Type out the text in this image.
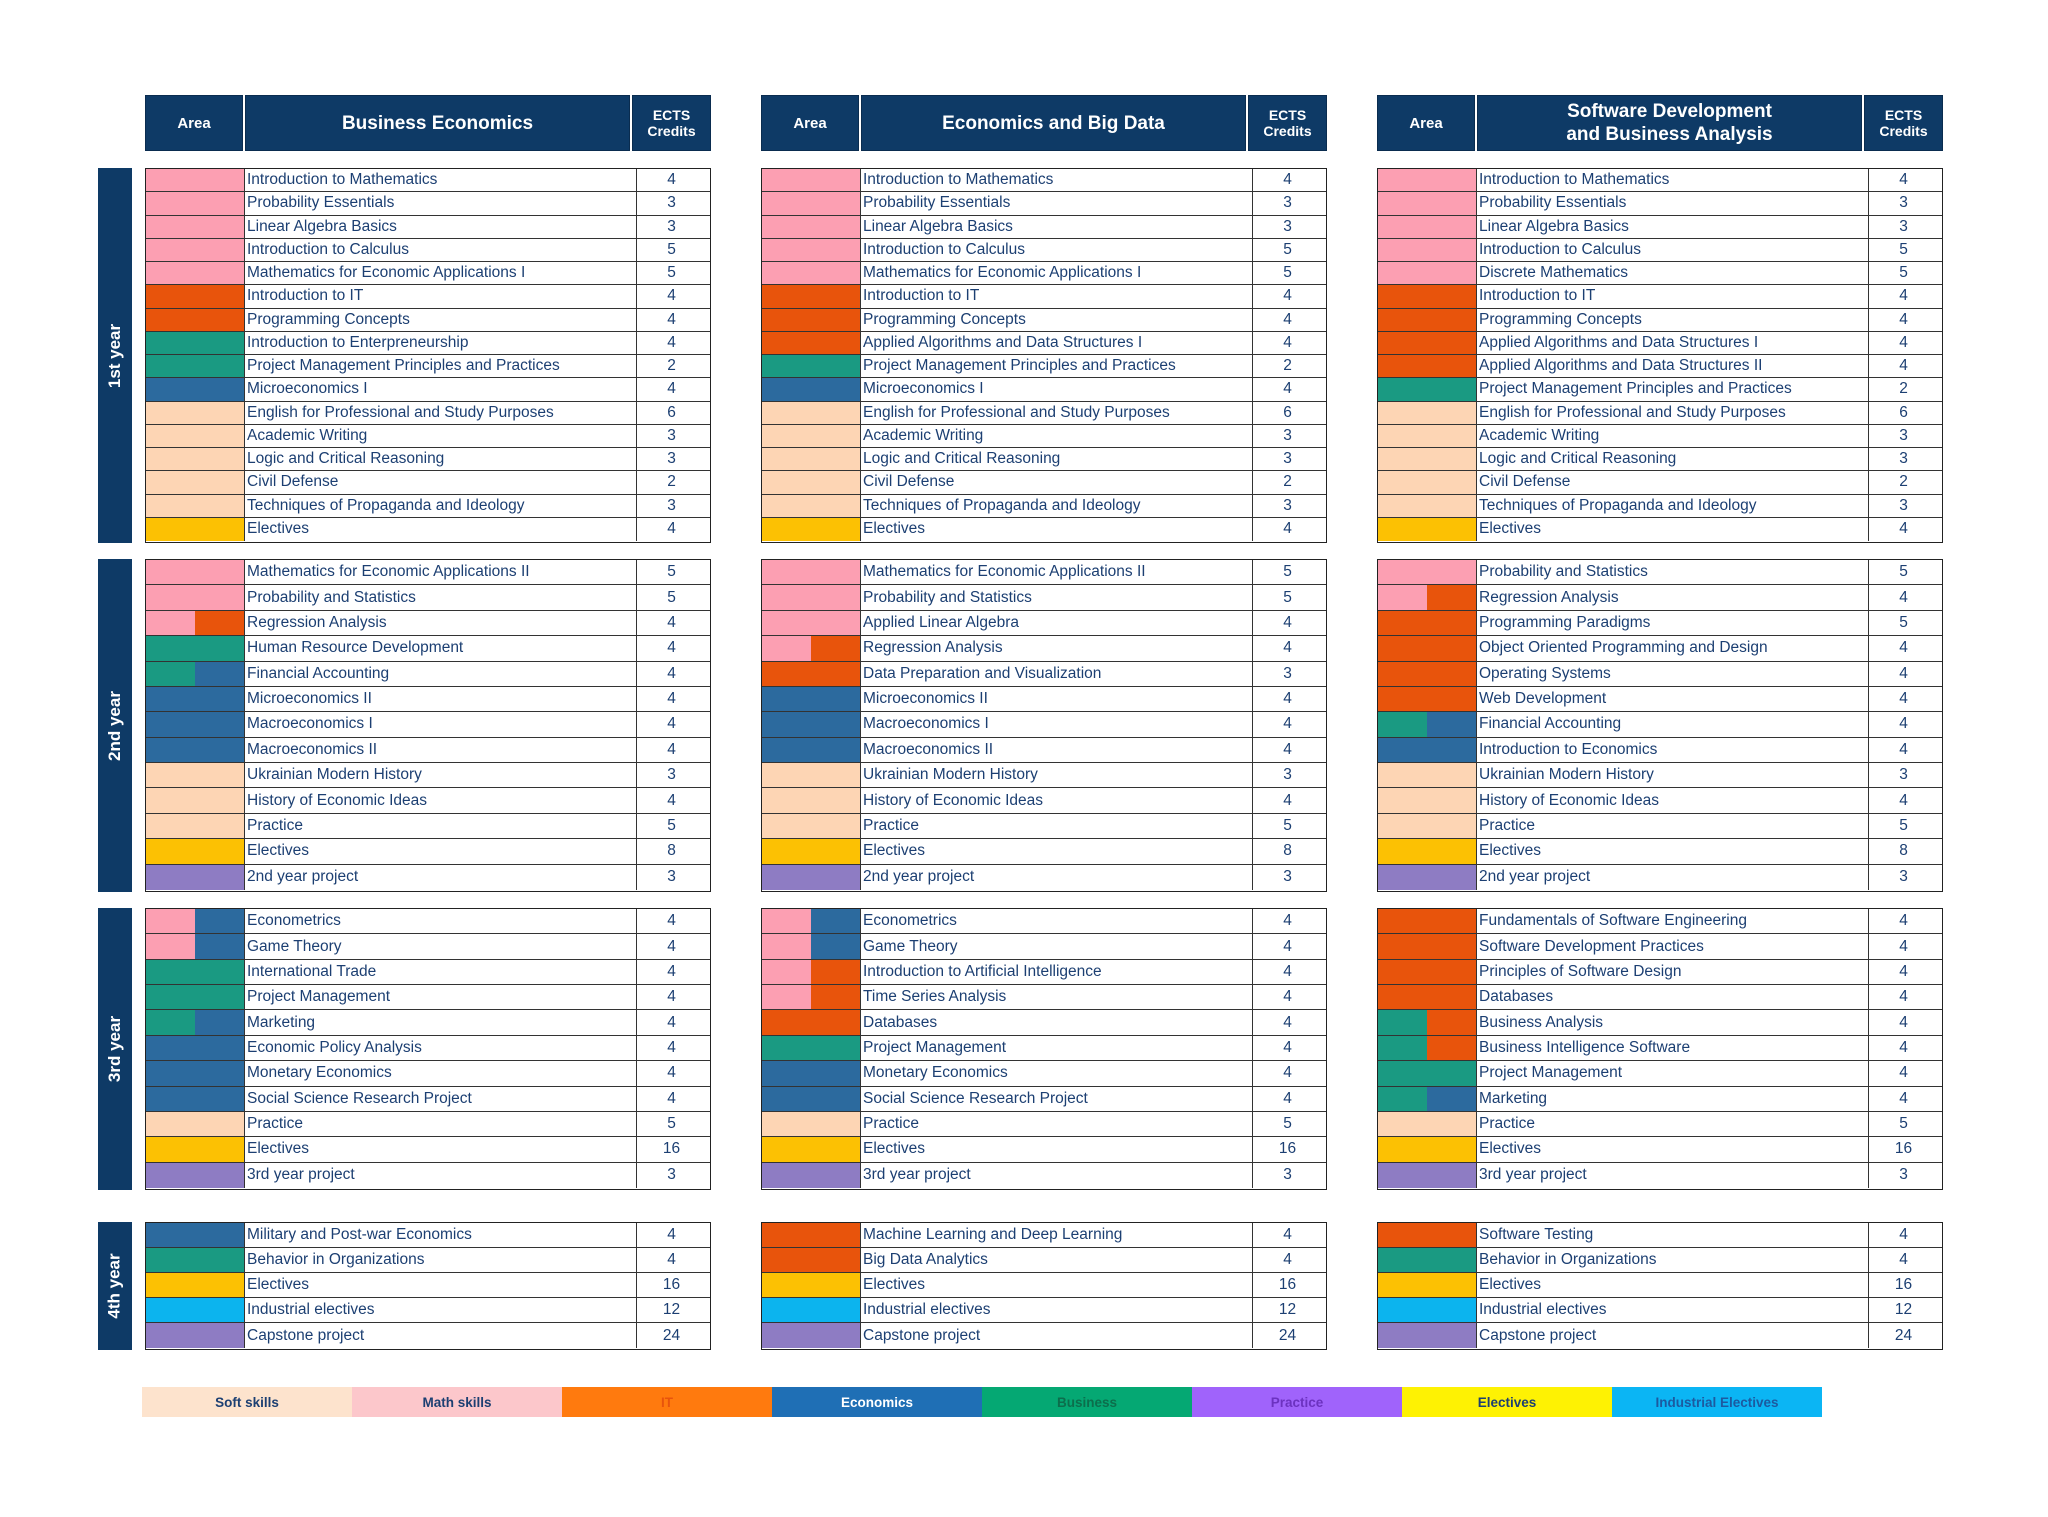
1st year
2nd year
3rd year
4th year
Area	Business Economics	ECTS
Credits
Introduction to Mathematics	4
Probability Essentials	3
Linear Algebra Basics	3
Introduction to Calculus	5
Mathematics for Economic Applications I	5
Introduction to IT	4
Programming Concepts	4
Introduction to Enterpreneurship	4
Project Management Principles and Practices	2
Microeconomics I	4
English for Professional and Study Purposes	6
Academic Writing	3
Logic and Critical Reasoning	3
Civil Defense	2
Techniques of Propaganda and Ideology	3
Electives	4
Mathematics for Economic Applications II	5
Probability and Statistics	5
Regression Analysis	4
Human Resource Development	4
Financial Accounting	4
Microeconomics II	4
Macroeconomics I	4
Macroeconomics II	4
Ukrainian Modern History	3
History of Economic Ideas	4
Practice	5
Electives	8
2nd year project	3
Econometrics	4
Game Theory	4
International Trade	4
Project Management	4
Marketing	4
Economic Policy Analysis	4
Monetary Economics	4
Social Science Research Project	4
Practice	5
Electives	16
3rd year project	3
Military and Post-war Economics	4
Behavior in Organizations	4
Electives	16
Industrial electives	12
Capstone project	24
Area	Economics and Big Data	ECTS
Credits
Introduction to Mathematics	4
Probability Essentials	3
Linear Algebra Basics	3
Introduction to Calculus	5
Mathematics for Economic Applications I	5
Introduction to IT	4
Programming Concepts	4
Applied Algorithms and Data Structures I	4
Project Management Principles and Practices	2
Microeconomics I	4
English for Professional and Study Purposes	6
Academic Writing	3
Logic and Critical Reasoning	3
Civil Defense	2
Techniques of Propaganda and Ideology	3
Electives	4
Mathematics for Economic Applications II	5
Probability and Statistics	5
Applied Linear Algebra	4
Regression Analysis	4
Data Preparation and Visualization	3
Microeconomics II	4
Macroeconomics I	4
Macroeconomics II	4
Ukrainian Modern History	3
History of Economic Ideas	4
Practice	5
Electives	8
2nd year project	3
Econometrics	4
Game Theory	4
Introduction to Artificial Intelligence	4
Time Series Analysis	4
Databases	4
Project Management	4
Monetary Economics	4
Social Science Research Project	4
Practice	5
Electives	16
3rd year project	3
Machine Learning and Deep Learning	4
Big Data Analytics	4
Electives	16
Industrial electives	12
Capstone project	24
Area
Software Development
and Business Analysis
ECTS
Credits
Introduction to Mathematics	4
Probability Essentials	3
Linear Algebra Basics	3
Introduction to Calculus	5
Discrete Mathematics	5
Introduction to IT	4
Programming Concepts	4
Applied Algorithms and Data Structures I	4
Applied Algorithms and Data Structures II	4
Project Management Principles and Practices	2
English for Professional and Study Purposes	6
Academic Writing	3
Logic and Critical Reasoning	3
Civil Defense	2
Techniques of Propaganda and Ideology	3
Electives	4
Probability and Statistics	5
Regression Analysis	4
Programming Paradigms	5
Object Oriented Programming and Design	4
Operating Systems	4
Web Development	4
Financial Accounting	4
Introduction to Economics	4
Ukrainian Modern History	3
History of Economic Ideas	4
Practice	5
Electives	8
2nd year project	3
Fundamentals of Software Engineering	4
Software Development Practices	4
Principles of Software Design	4
Databases	4
Business Analysis	4
Business Intelligence Software	4
Project Management	4
Marketing	4
Practice	5
Electives	16
3rd year project	3
Software Testing	4
Behavior in Organizations	4
Electives	16
Industrial electives	12
Capstone project	24
Soft skills	Math skills	IT	Economics	Business	Practice	Electives	Industrial Electives
